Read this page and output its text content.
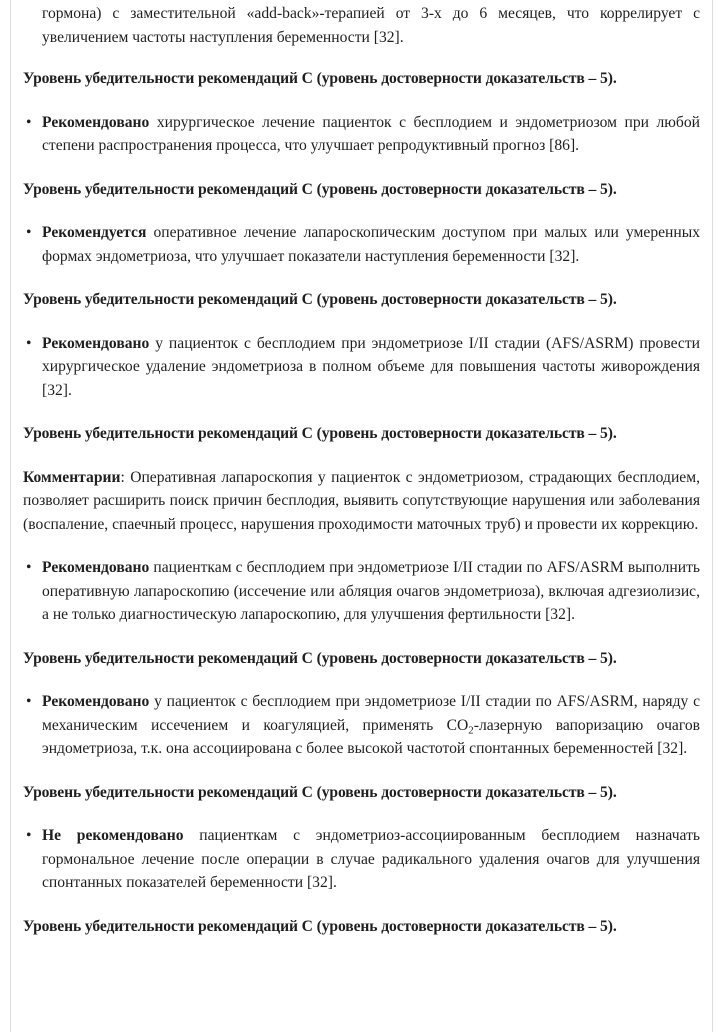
гормона) с заместительной «add-back»-терапией от 3-х до 6 месяцев, что коррелирует с увеличением частоты наступления беременности [32].

Уровень убедительности рекомендаций C (уровень достоверности доказательств – 5).

• Рекомендовано хирургическое лечение пациенток с бесплодием и эндометриозом при любой степени распространения процесса, что улучшает репродуктивный прогноз [86].

Уровень убедительности рекомендаций C (уровень достоверности доказательств – 5).

• Рекомендуется оперативное лечение лапароскопическим доступом при малых или умеренных формах эндометриоза, что улучшает показатели наступления беременности [32].

Уровень убедительности рекомендаций C (уровень достоверности доказательств – 5).

• Рекомендовано у пациенток с бесплодием при эндометриозе I/II стадии (AFS/ASRM) провести хирургическое удаление эндометриоза в полном объеме для повышения частоты живорождения [32].

Уровень убедительности рекомендаций C (уровень достоверности доказательств – 5).

Комментарии: Оперативная лапароскопия у пациенток с эндометриозом, страдающих бесплодием, позволяет расширить поиск причин бесплодия, выявить сопутствующие нарушения или заболевания (воспаление, спаечный процесс, нарушения проходимости маточных труб) и провести их коррекцию.

• Рекомендовано пациенткам с бесплодием при эндометриозе I/II стадии по AFS/ASRM выполнить оперативную лапароскопию (иссечение или абляция очагов эндометриоза), включая адгезиолизис, а не только диагностическую лапароскопию, для улучшения фертильности [32].

Уровень убедительности рекомендаций C (уровень достоверности доказательств – 5).

• Рекомендовано у пациенток с бесплодием при эндометриозе I/II стадии по AFS/ASRM, наряду с механическим иссечением и коагуляцией, применять $CO_2$-лазерную вапоризацию очагов эндометриоза, т.к. она ассоциирована с более высокой частотой спонтанных беременностей [32].

Уровень убедительности рекомендаций C (уровень достоверности доказательств – 5).

• Не рекомендовано пациенткам с эндометриоз-ассоциированным бесплодием назначать гормональное лечение после операции в случае радикального удаления очагов для улучшения спонтанных показателей беременности [32].

Уровень убедительности рекомендаций C (уровень достоверности доказательств – 5).
